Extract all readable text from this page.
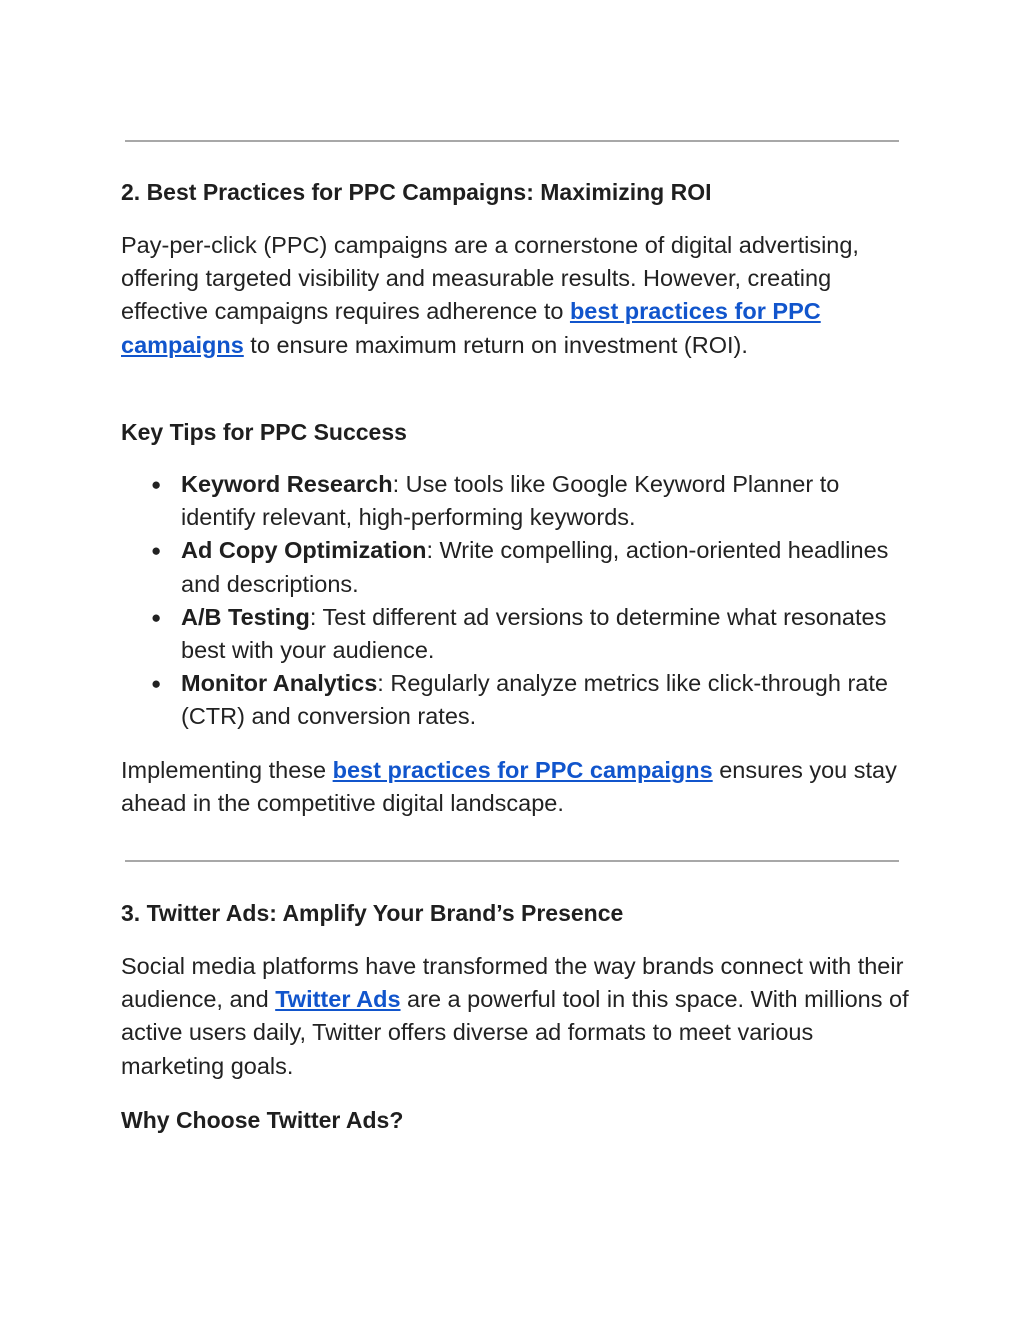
2. Best Practices for PPC Campaigns: Maximizing ROI

Pay-per-click (PPC) campaigns are a cornerstone of digital advertising, offering targeted visibility and measurable results. However, creating effective campaigns requires adherence to best practices for PPC campaigns to ensure maximum return on investment (ROI).

Key Tips for PPC Success
● Keyword Research: Use tools like Google Keyword Planner to identify relevant, high-performing keywords.
● Ad Copy Optimization: Write compelling, action-oriented headlines and descriptions.
● A/B Testing: Test different ad versions to determine what resonates best with your audience.
● Monitor Analytics: Regularly analyze metrics like click-through rate (CTR) and conversion rates.

Implementing these best practices for PPC campaigns ensures you stay ahead in the competitive digital landscape.

3. Twitter Ads: Amplify Your Brand’s Presence

Social media platforms have transformed the way brands connect with their audience, and Twitter Ads are a powerful tool in this space. With millions of active users daily, Twitter offers diverse ad formats to meet various marketing goals.

Why Choose Twitter Ads?
